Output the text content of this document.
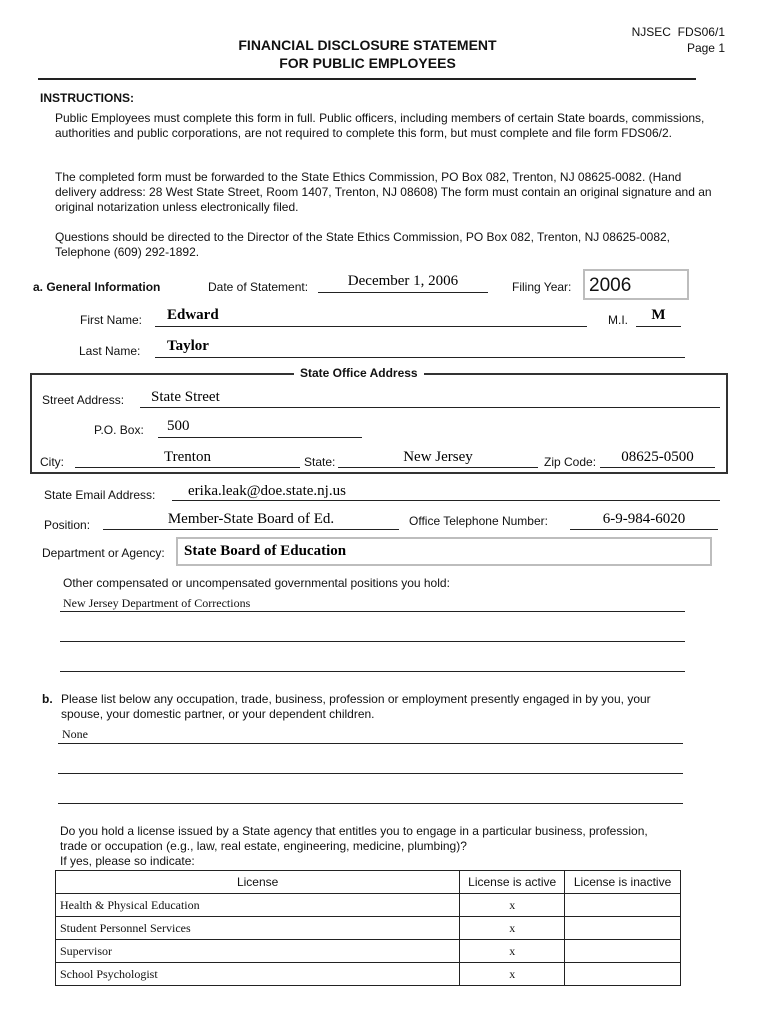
NJSEC  FDS06/1
Page 1
FINANCIAL DISCLOSURE STATEMENT
FOR PUBLIC EMPLOYEES
INSTRUCTIONS:
Public Employees must complete this form in full. Public officers, including members of certain State boards, commissions, authorities and public corporations, are not required to complete this form, but must complete and file form FDS06/2.
The completed form must be forwarded to the State Ethics Commission, PO Box 082, Trenton, NJ 08625-0082. (Hand delivery address: 28 West State Street, Room 1407, Trenton, NJ 08608) The form must contain an original signature and an original notarization unless electronically filed.
Questions should be directed to the Director of the State Ethics Commission, PO Box 082, Trenton, NJ 08625-0082, Telephone (609) 292-1892.
a. General Information	Date of Statement:	December 1, 2006	Filing Year: 2006
First Name: Edward	M.I.	M
Last Name: Taylor
State Office Address
Street Address: State Street
P.O. Box: 500
City:	Trenton	State:	New Jersey	Zip Code:	08625-0500
State Email Address: erika.leak@doe.state.nj.us
Position:	Member-State Board of Ed.	Office Telephone Number:	6-9-984-6020
Department or Agency: State Board of Education
Other compensated or uncompensated governmental positions you hold:
New Jersey Department of Corrections
b. Please list below any occupation, trade, business, profession or employment presently engaged in by you, your spouse, your domestic partner, or your dependent children.
None
Do you hold a license issued by a State agency that entitles you to engage in a particular business, profession,
trade or occupation (e.g., law, real estate, engineering, medicine, plumbing)?
If yes, please so indicate:
License	License is active	License is inactive
Health & Physical Education	x	
Student Personnel Services	x	
Supervisor	x	
School Psychologist	x	
